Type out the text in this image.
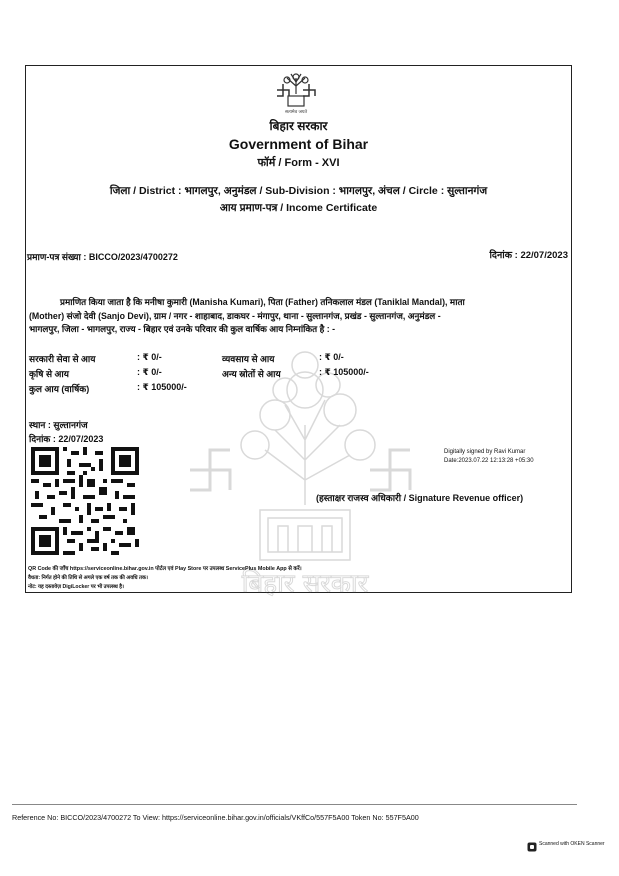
बिहार सरकार
सत्यमेव जयते
बिहार सरकार
Government of Bihar
फॉर्म / Form - XVI
जिला / District : भागलपुर, अनुमंडल / Sub-Division : भागलपुर, अंचल / Circle : सुल्तानगंज
आय प्रमाण-पत्र / Income Certificate
प्रमाण-पत्र संख्या : BICCO/2023/4700272	दिनांक : 22/07/2023
प्रमाणित किया जाता है कि मनीषा कुमारी (Manisha Kumari), पिता (Father) तनिकलाल मंडल (Taniklal Mandal), माता
(Mother) संजो देवी (Sanjo Devi), ग्राम / नगर - शाहाबाद, डाकघर - मंगापुर, थाना - सुल्तानगंज, प्रखंड - सुल्तानगंज, अनुमंडल -
भागलपुर, जिला - भागलपुर, राज्य - बिहार एवं उनके परिवार की कुल वार्षिक आय निम्नांकित है : -
सरकारी सेवा से आय	: ₹ 0/-	व्यवसाय से आय	: ₹ 0/-
कृषि से आय	: ₹ 0/-	अन्य स्रोतों से आय	: ₹ 105000/-
कुल आय (वार्षिक)	: ₹ 105000/-
स्थान : सुल्तानगंज
दिनांक : 22/07/2023
Digitally signed by Ravi Kumar
Date:2023.07.22 12:13:28 +05:30
(हस्ताक्षर राजस्व अधिकारी / Signature Revenue officer)
QR Code की जाँच https://serviceonline.bihar.gov.in पोर्टल एवं Play Store पर उपलब्ध ServicePlus Mobile App से करें।
वैधता: निर्गत होने की तिथि से अगले एक वर्ष तक की अवधि तक।
नोट: यह दस्तावेज़ DigiLocker पर भी उपलब्ध है।
Reference No: BICCO/2023/4700272 To View: https://serviceonline.bihar.gov.in/officials/VKffCo/557F5A00 Token No: 557F5A00
Scanned with OKEN Scanner
